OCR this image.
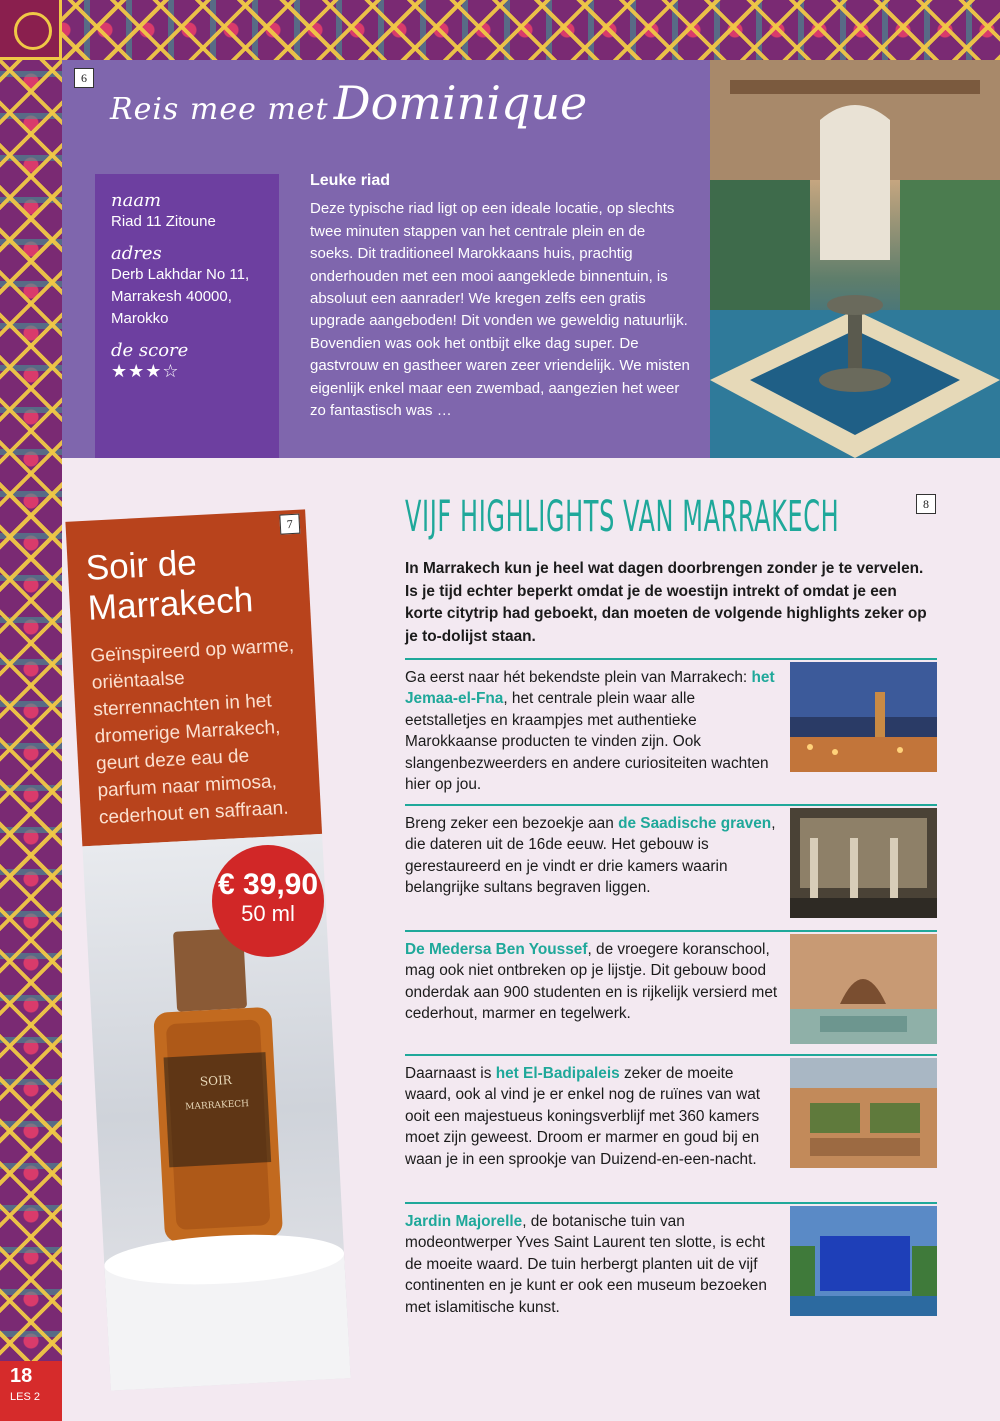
6
Reis mee met Dominique
naam
Riad 11 Zitoune
adres
Derb Lakhdar No 11,
Marrakesh 40000,
Marokko
de score
★★★☆
Leuke riad
Deze typische riad ligt op een ideale locatie, op slechts twee minuten stappen van het centrale plein en de soeks. Dit traditioneel Marokkaans huis, prachtig onderhouden met een mooi aangeklede binnentuin, is absoluut een aanrader! We kregen zelfs een gratis upgrade aangeboden! Dit vonden we geweldig natuurlijk. Bovendien was ook het ontbijt elke dag super. De gastvrouw en gastheer waren zeer vriendelijk. We misten eigenlijk enkel maar een zwembad, aangezien het weer zo fantastisch was …
7
Soir de Marrakech
Geïnspireerd op warme, oriëntaalse sterrennachten in het dromerige Marrakech, geurt deze eau de parfum naar mimosa, cederhout en saffraan.
SOIR
MARRAKECH
€ 39,90
50 ml
8
VIJF HIGHLIGHTS VAN MARRAKECH
In Marrakech kun je heel wat dagen doorbrengen zonder je te vervelen. Is je tijd echter beperkt omdat je de woestijn intrekt of omdat je een korte citytrip had geboekt, dan moeten de volgende highlights zeker op je to-dolijst staan.
Ga eerst naar hét bekendste plein van Marrakech: het Jemaa-el-Fna, het centrale plein waar alle eetstalletjes en kraampjes met authentieke Marokkaanse producten te vinden zijn. Ook slangenbezweerders en andere curiositeiten wachten hier op jou.
Breng zeker een bezoekje aan de Saadische graven, die dateren uit de 16de eeuw. Het gebouw is gerestaureerd en je vindt er drie kamers waarin belangrijke sultans begraven liggen.
De Medersa Ben Youssef, de vroegere koranschool, mag ook niet ontbreken op je lijstje. Dit gebouw bood onderdak aan 900 studenten en is rijkelijk versierd met cederhout, marmer en tegelwerk.
Daarnaast is het El-Badipaleis zeker de moeite waard, ook al vind je er enkel nog de ruïnes van wat ooit een majestueus koningsverblijf met 360 kamers moet zijn geweest. Droom er marmer en goud bij en waan je in een sprookje van Duizend-en-een-nacht.
Jardin Majorelle, de botanische tuin van modeontwerper Yves Saint Laurent ten slotte, is echt de moeite waard. De tuin herbergt planten uit de vijf continenten en je kunt er ook een museum bezoeken met islamitische kunst.
18
LES 2
